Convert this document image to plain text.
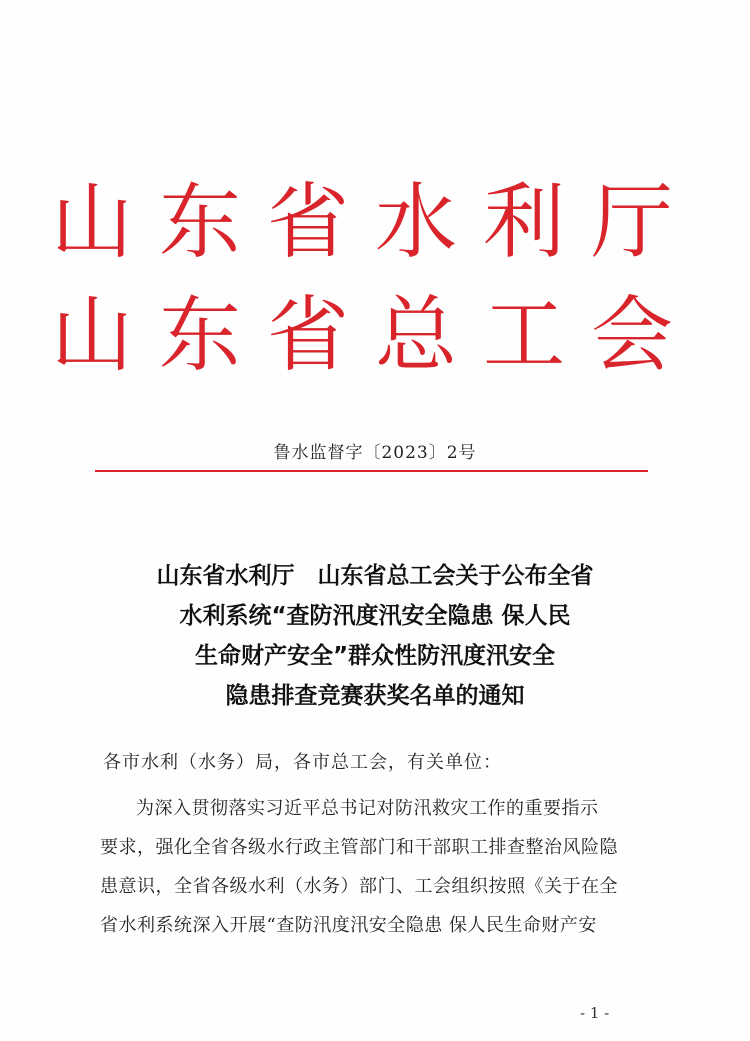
山东省水利厅
山东省总工会
鲁水监督字〔2023〕2号
山东省水利厅　山东省总工会关于公布全省
水利系统“查防汛度汛安全隐患 保人民
生命财产安全”群众性防汛度汛安全
隐患排查竞赛获奖名单的通知
各市水利（水务）局，各市总工会，有关单位：
为深入贯彻落实习近平总书记对防汛救灾工作的重要指示
要求，强化全省各级水行政主管部门和干部职工排查整治风险隐
患意识，全省各级水利（水务）部门、工会组织按照《关于在全
省水利系统深入开展“查防汛度汛安全隐患 保人民生命财产安
- 1 -
